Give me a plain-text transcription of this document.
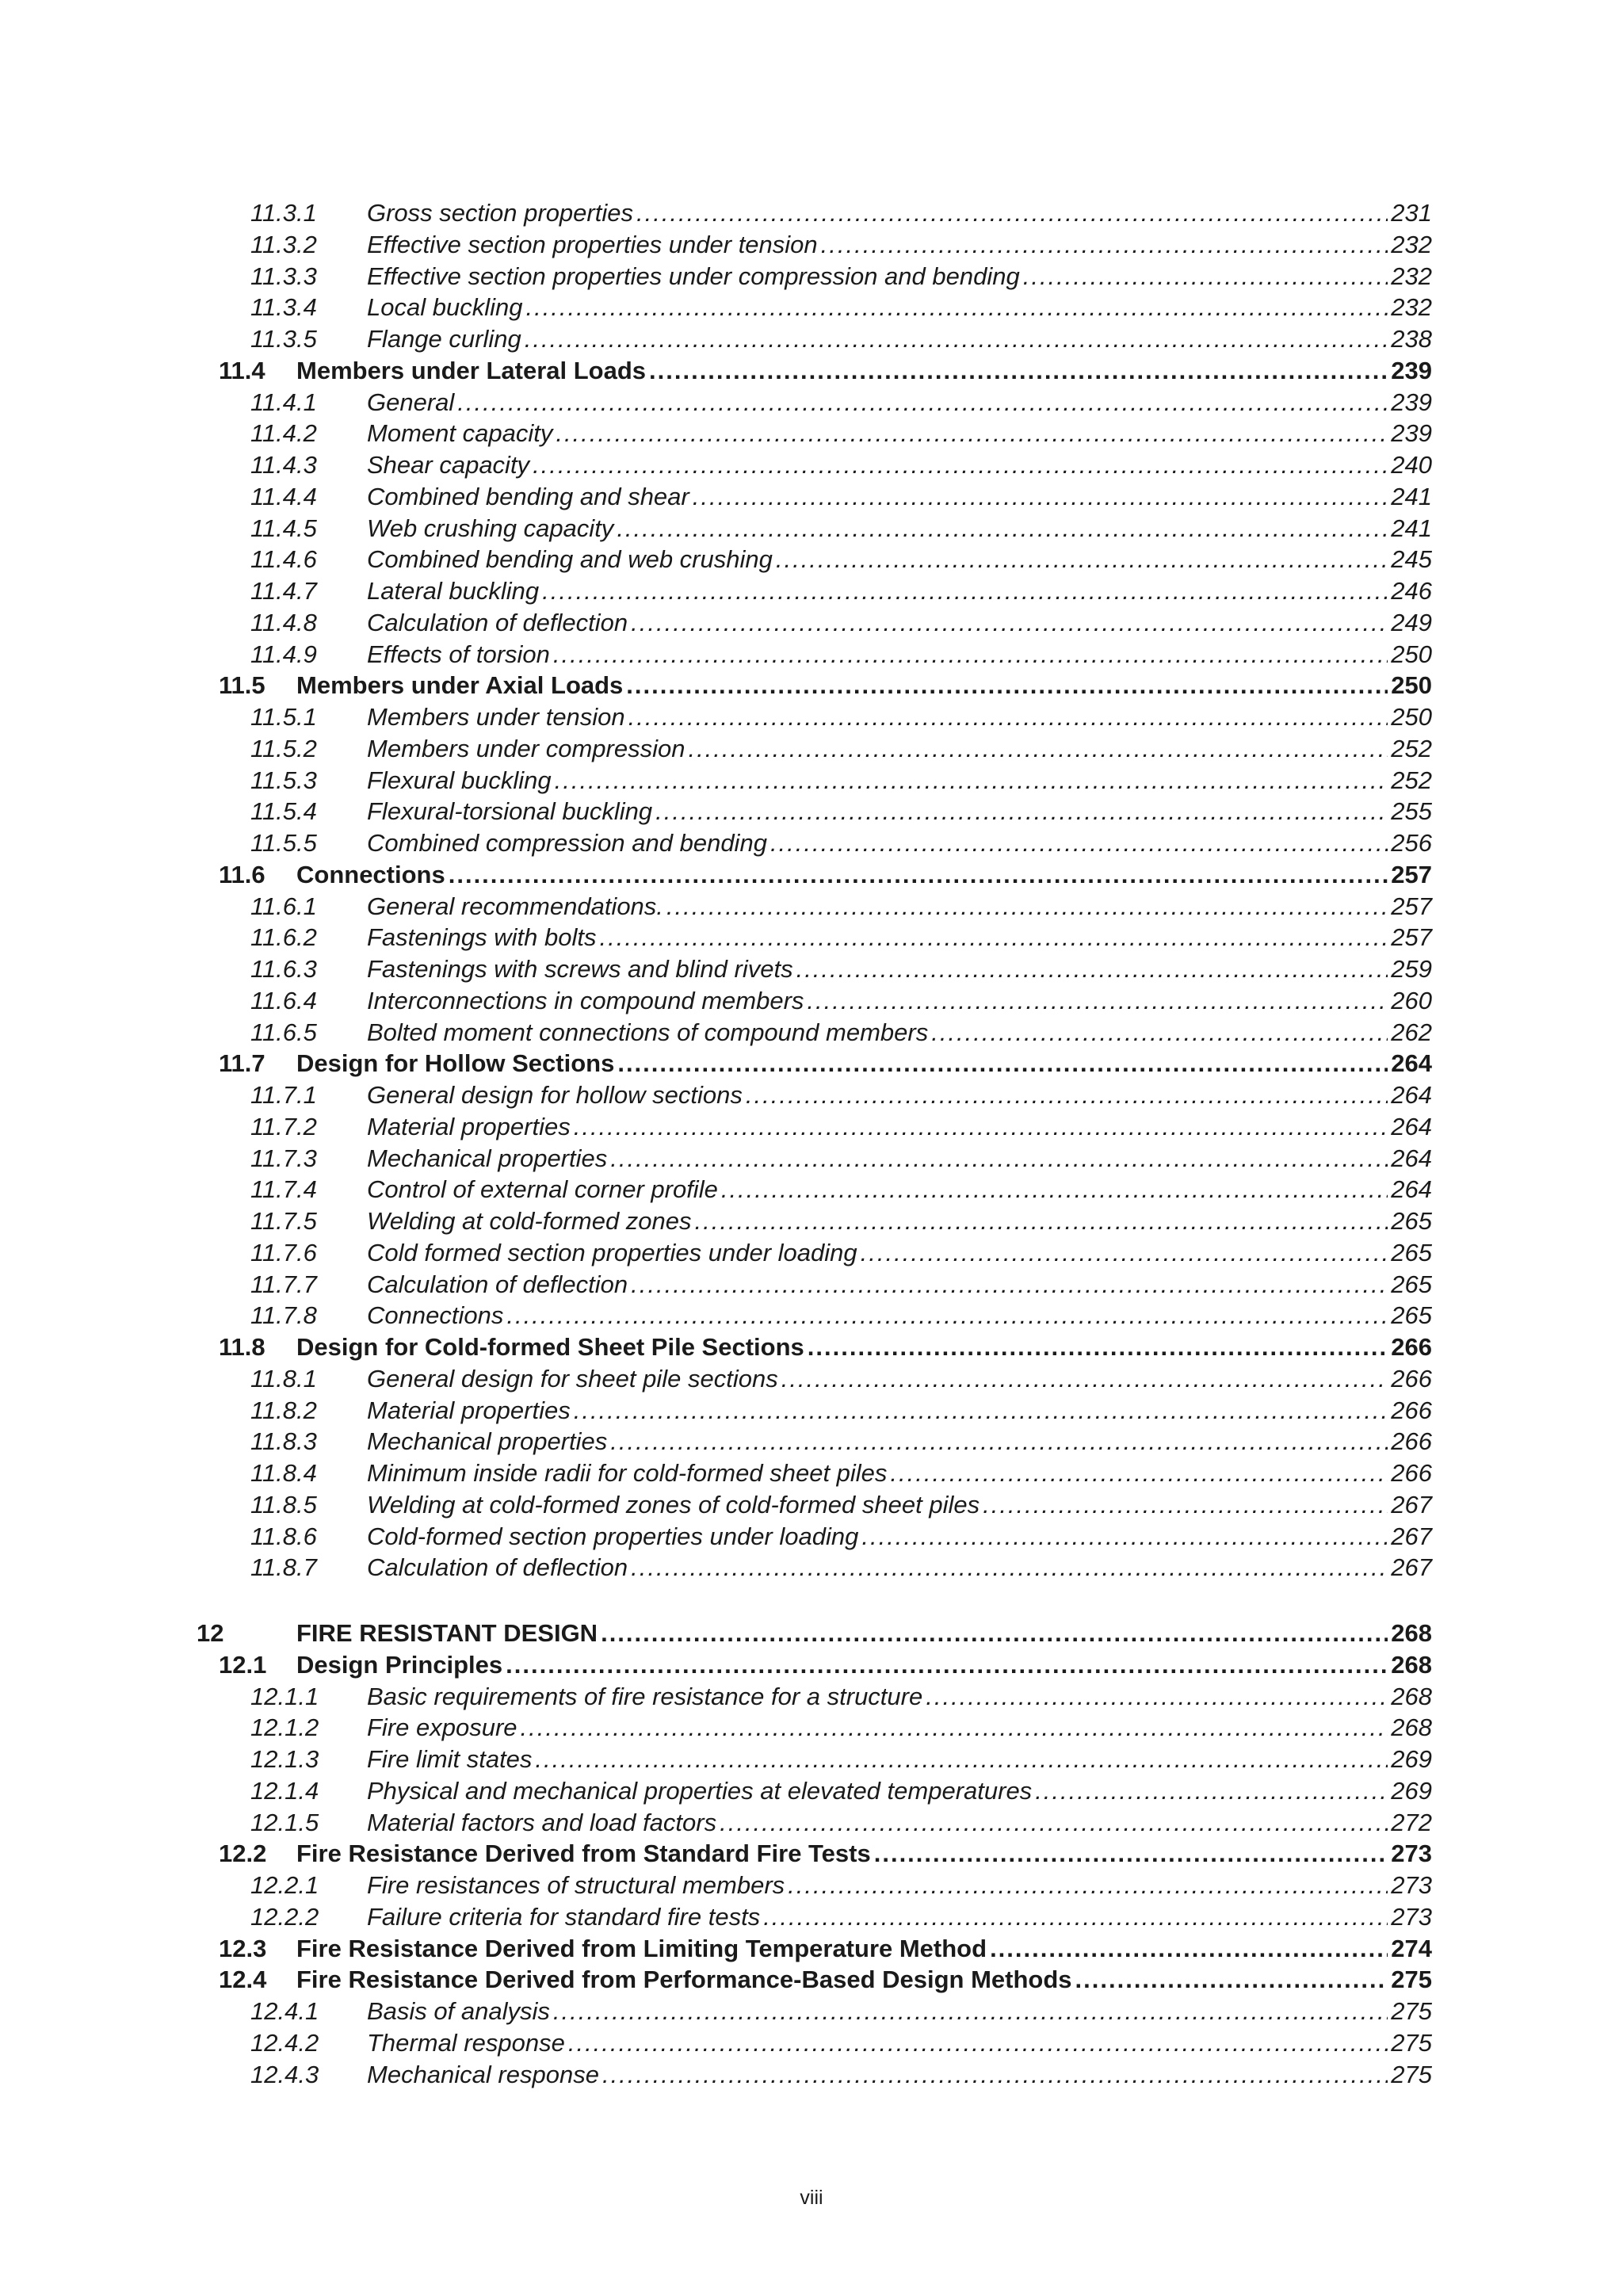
11.3.1 Gross section properties .....	231
11.3.2 Effective section properties under tension .....	232
11.3.3 Effective section properties under compression and bending .....	232
11.3.4 Local buckling .....	232
11.3.5 Flange curling .....	238
11.4 Members under Lateral Loads .....	239
11.4.1 General .....	239
11.4.2 Moment capacity .....	239
11.4.3 Shear capacity .....	240
11.4.4 Combined bending and shear .....	241
11.4.5 Web crushing capacity .....	241
11.4.6 Combined bending and web crushing .....	245
11.4.7 Lateral buckling .....	246
11.4.8 Calculation of deflection .....	249
11.4.9 Effects of torsion .....	250
11.5 Members under Axial Loads .....	250
11.5.1 Members under tension .....	250
11.5.2 Members under compression .....	252
11.5.3 Flexural buckling .....	252
11.5.4 Flexural-torsional buckling .....	255
11.5.5 Combined compression and bending .....	256
11.6 Connections .....	257
11.6.1 General recommendations. .....	257
11.6.2 Fastenings with bolts .....	257
11.6.3 Fastenings with screws and blind rivets .....	259
11.6.4 Interconnections in compound members .....	260
11.6.5 Bolted moment connections of compound members .....	262
11.7 Design for Hollow Sections .....	264
11.7.1 General design for hollow sections .....	264
11.7.2 Material properties .....	264
11.7.3 Mechanical properties .....	264
11.7.4 Control of external corner profile .....	264
11.7.5 Welding at cold-formed zones .....	265
11.7.6 Cold formed section properties under loading .....	265
11.7.7 Calculation of deflection .....	265
11.7.8 Connections .....	265
11.8 Design for Cold-formed Sheet Pile Sections .....	266
11.8.1 General design for sheet pile sections .....	266
11.8.2 Material properties .....	266
11.8.3 Mechanical properties .....	266
11.8.4 Minimum inside radii for cold-formed sheet piles .....	266
11.8.5 Welding at cold-formed zones of cold-formed sheet piles .....	267
11.8.6 Cold-formed section properties under loading .....	267
11.8.7 Calculation of deflection .....	267
12	FIRE RESISTANT DESIGN .....	268
12.1 Design Principles .....	268
12.1.1 Basic requirements of fire resistance for a structure .....	268
12.1.2 Fire exposure .....	268
12.1.3 Fire limit states .....	269
12.1.4 Physical and mechanical properties at elevated temperatures .....	269
12.1.5 Material factors and load factors .....	272
12.2 Fire Resistance Derived from Standard Fire Tests .....	273
12.2.1 Fire resistances of structural members .....	273
12.2.2 Failure criteria for standard fire tests .....	273
12.3 Fire Resistance Derived from Limiting Temperature Method .....	274
12.4 Fire Resistance Derived from Performance-Based Design Methods .....	275
12.4.1 Basis of analysis .....	275
12.4.2 Thermal response .....	275
12.4.3 Mechanical response .....	275
viii
